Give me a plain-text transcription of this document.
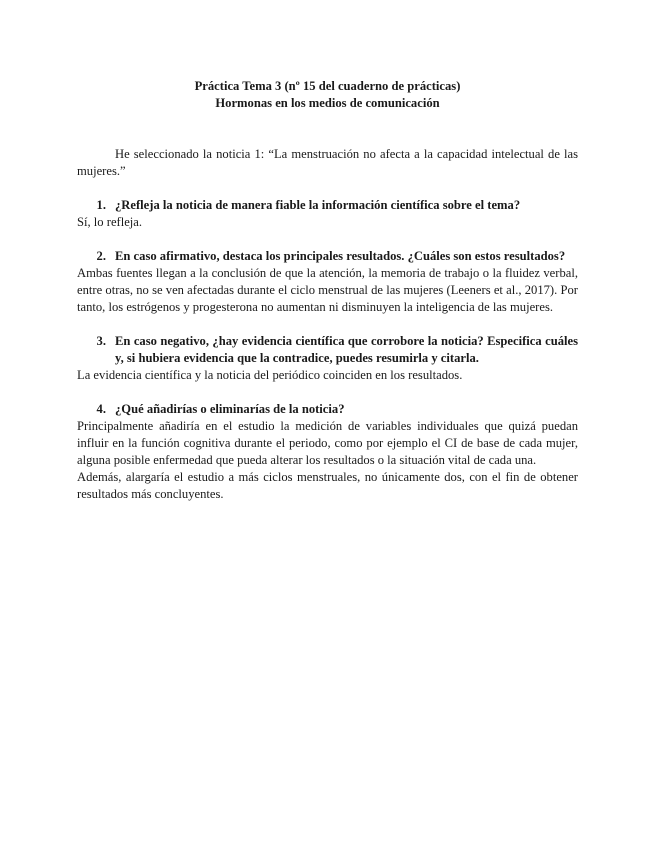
Práctica Tema 3 (nº 15 del cuaderno de prácticas)

Hormonas en los medios de comunicación

He seleccionado la noticia 1: “La menstruación no afecta a la capacidad intelectual de las mujeres.”

1. ¿Refleja la noticia de manera fiable la información científica sobre el tema?

Sí, lo refleja.

2. En caso afirmativo, destaca los principales resultados. ¿Cuáles son estos resultados?

Ambas fuentes llegan a la conclusión de que la atención, la memoria de trabajo o la fluidez verbal, entre otras, no se ven afectadas durante el ciclo menstrual de las mujeres (Leeners et al., 2017). Por tanto, los estrógenos y progesterona no aumentan ni disminuyen la inteligencia de las mujeres.

3. En caso negativo, ¿hay evidencia científica que corrobore la noticia? Especifica cuáles y, si hubiera evidencia que la contradice, puedes resumirla y citarla.

La evidencia científica y la noticia del periódico coinciden en los resultados.

4. ¿Qué añadirías o eliminarías de la noticia?

Principalmente añadiría en el estudio la medición de variables individuales que quizá puedan influir en la función cognitiva durante el periodo, como por ejemplo el CI de base de cada mujer, alguna posible enfermedad que pueda alterar los resultados o la situación vital de cada una.

Además, alargaría el estudio a más ciclos menstruales, no únicamente dos, con el fin de obtener resultados más concluyentes.
